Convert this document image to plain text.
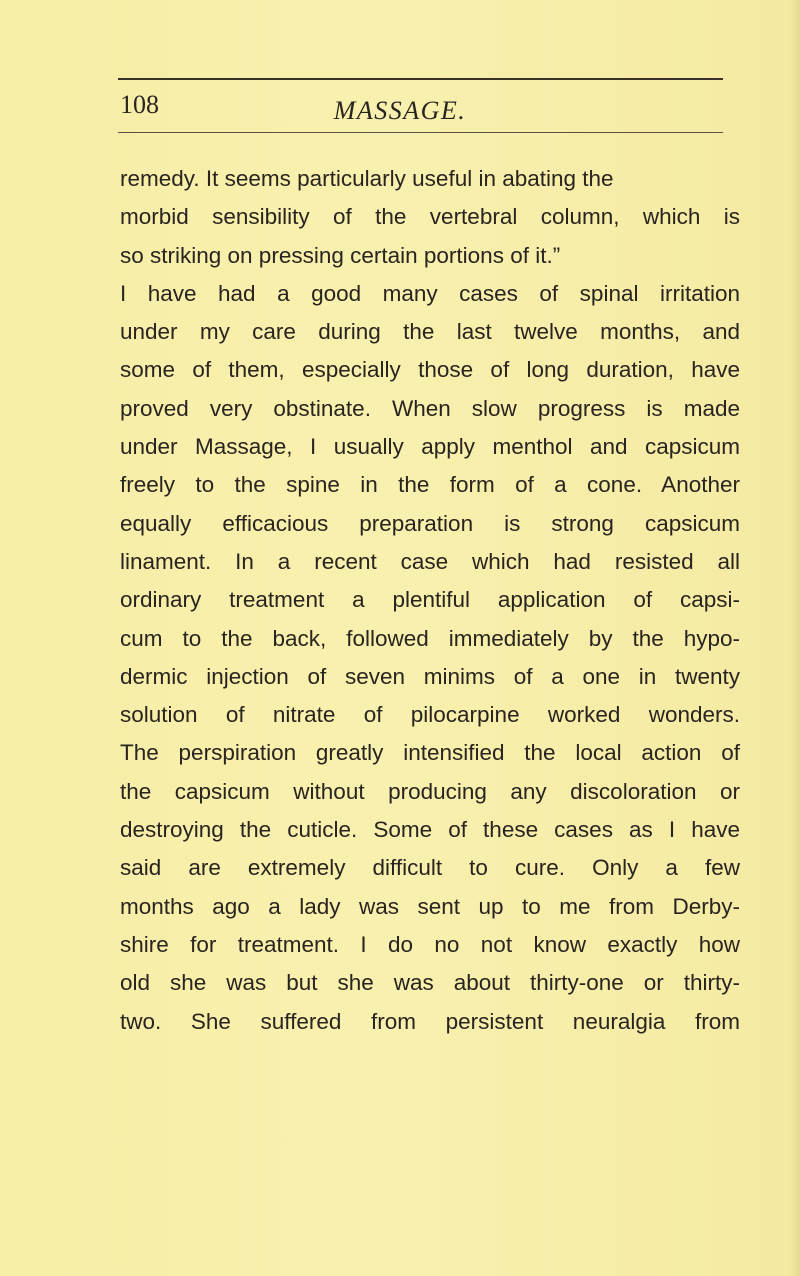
108	MASSAGE.
remedy. It seems particularly useful in abating the
morbid sensibility of the vertebral column, which is
so striking on pressing certain portions of it.”
I have had a good many cases of spinal irritation
under my care during the last twelve months, and
some of them, especially those of long duration, have
proved very obstinate. When slow progress is made
under Massage, I usually apply menthol and capsicum
freely to the spine in the form of a cone. Another
equally efficacious preparation is strong capsicum
linament. In a recent case which had resisted all
ordinary treatment a plentiful application of capsi-
cum to the back, followed immediately by the hypo-
dermic injection of seven minims of a one in twenty
solution of nitrate of pilocarpine worked wonders.
The perspiration greatly intensified the local action of
the capsicum without producing any discoloration or
destroying the cuticle. Some of these cases as I have
said are extremely difficult to cure. Only a few
months ago a lady was sent up to me from Derby-
shire for treatment. I do no not know exactly how
old she was but she was about thirty-one or thirty-
two. She suffered from persistent neuralgia from
